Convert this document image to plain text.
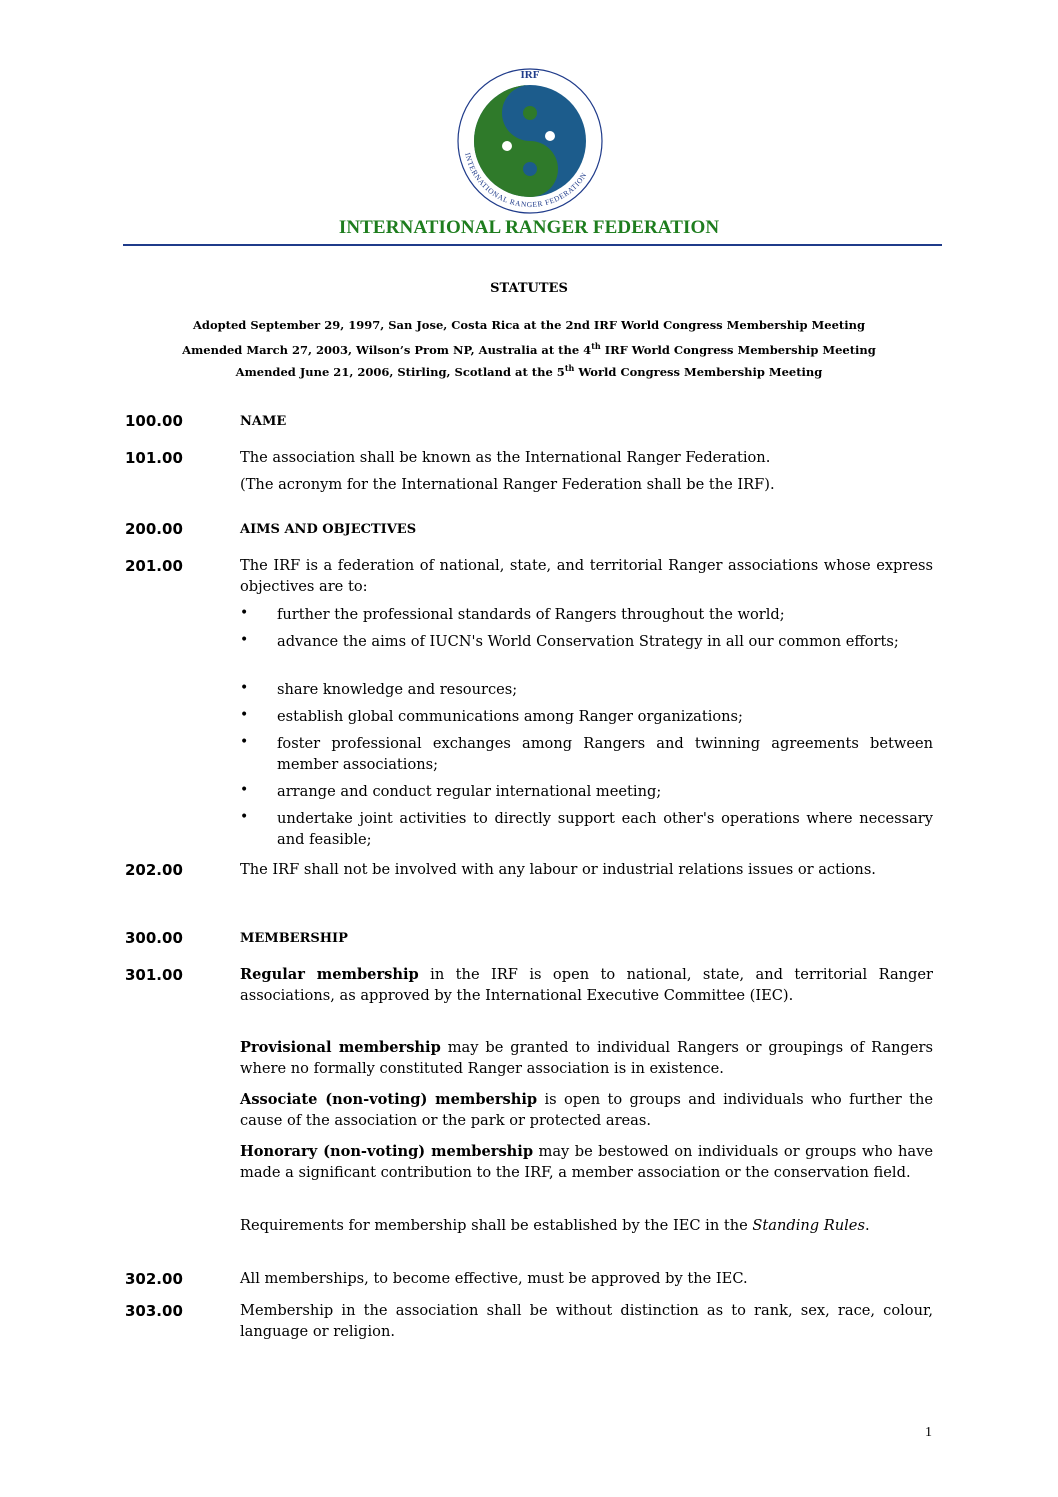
IRF
INTERNATIONAL RANGER FEDERATION
INTERNATIONAL RANGER FEDERATION
STATUTES
Adopted September 29, 1997, San Jose, Costa Rica at the 2nd IRF World Congress Membership Meeting
Amended March 27, 2003, Wilson’s Prom NP, Australia at the 4th IRF World Congress Membership Meeting
Amended June 21, 2006, Stirling, Scotland at the 5th World Congress Membership Meeting
100.00	NAME
101.00	The association shall be known as the International Ranger Federation.
(The acronym for the International Ranger Federation shall be the IRF).
200.00	AIMS AND OBJECTIVES
201.00	The IRF is a federation of national, state, and territorial Ranger associations whose express objectives are to:
• further the professional standards of Rangers throughout the world;
• advance the aims of IUCN's World Conservation Strategy in all our common efforts;
• share knowledge and resources;
• establish global communications among Ranger organizations;
• foster professional exchanges among Rangers and twinning agreements between member associations;
• arrange and conduct regular international meeting;
• undertake joint activities to directly support each other's operations where necessary and feasible;
202.00	The IRF shall not be involved with any labour or industrial relations issues or actions.
300.00	MEMBERSHIP
301.00	Regular membership in the IRF is open to national, state, and territorial Ranger associations, as approved by the International Executive Committee (IEC).
Provisional membership may be granted to individual Rangers or groupings of Rangers where no formally constituted Ranger association is in existence.
Associate (non-voting) membership is open to groups and individuals who further the cause of the association or the park or protected areas.
Honorary (non-voting) membership may be bestowed on individuals or groups who have made a significant contribution to the IRF, a member association or the conservation field.
Requirements for membership shall be established by the IEC in the Standing Rules.
302.00	All memberships, to become effective, must be approved by the IEC.
303.00	Membership in the association shall be without distinction as to rank, sex, race, colour, language or religion.
1
